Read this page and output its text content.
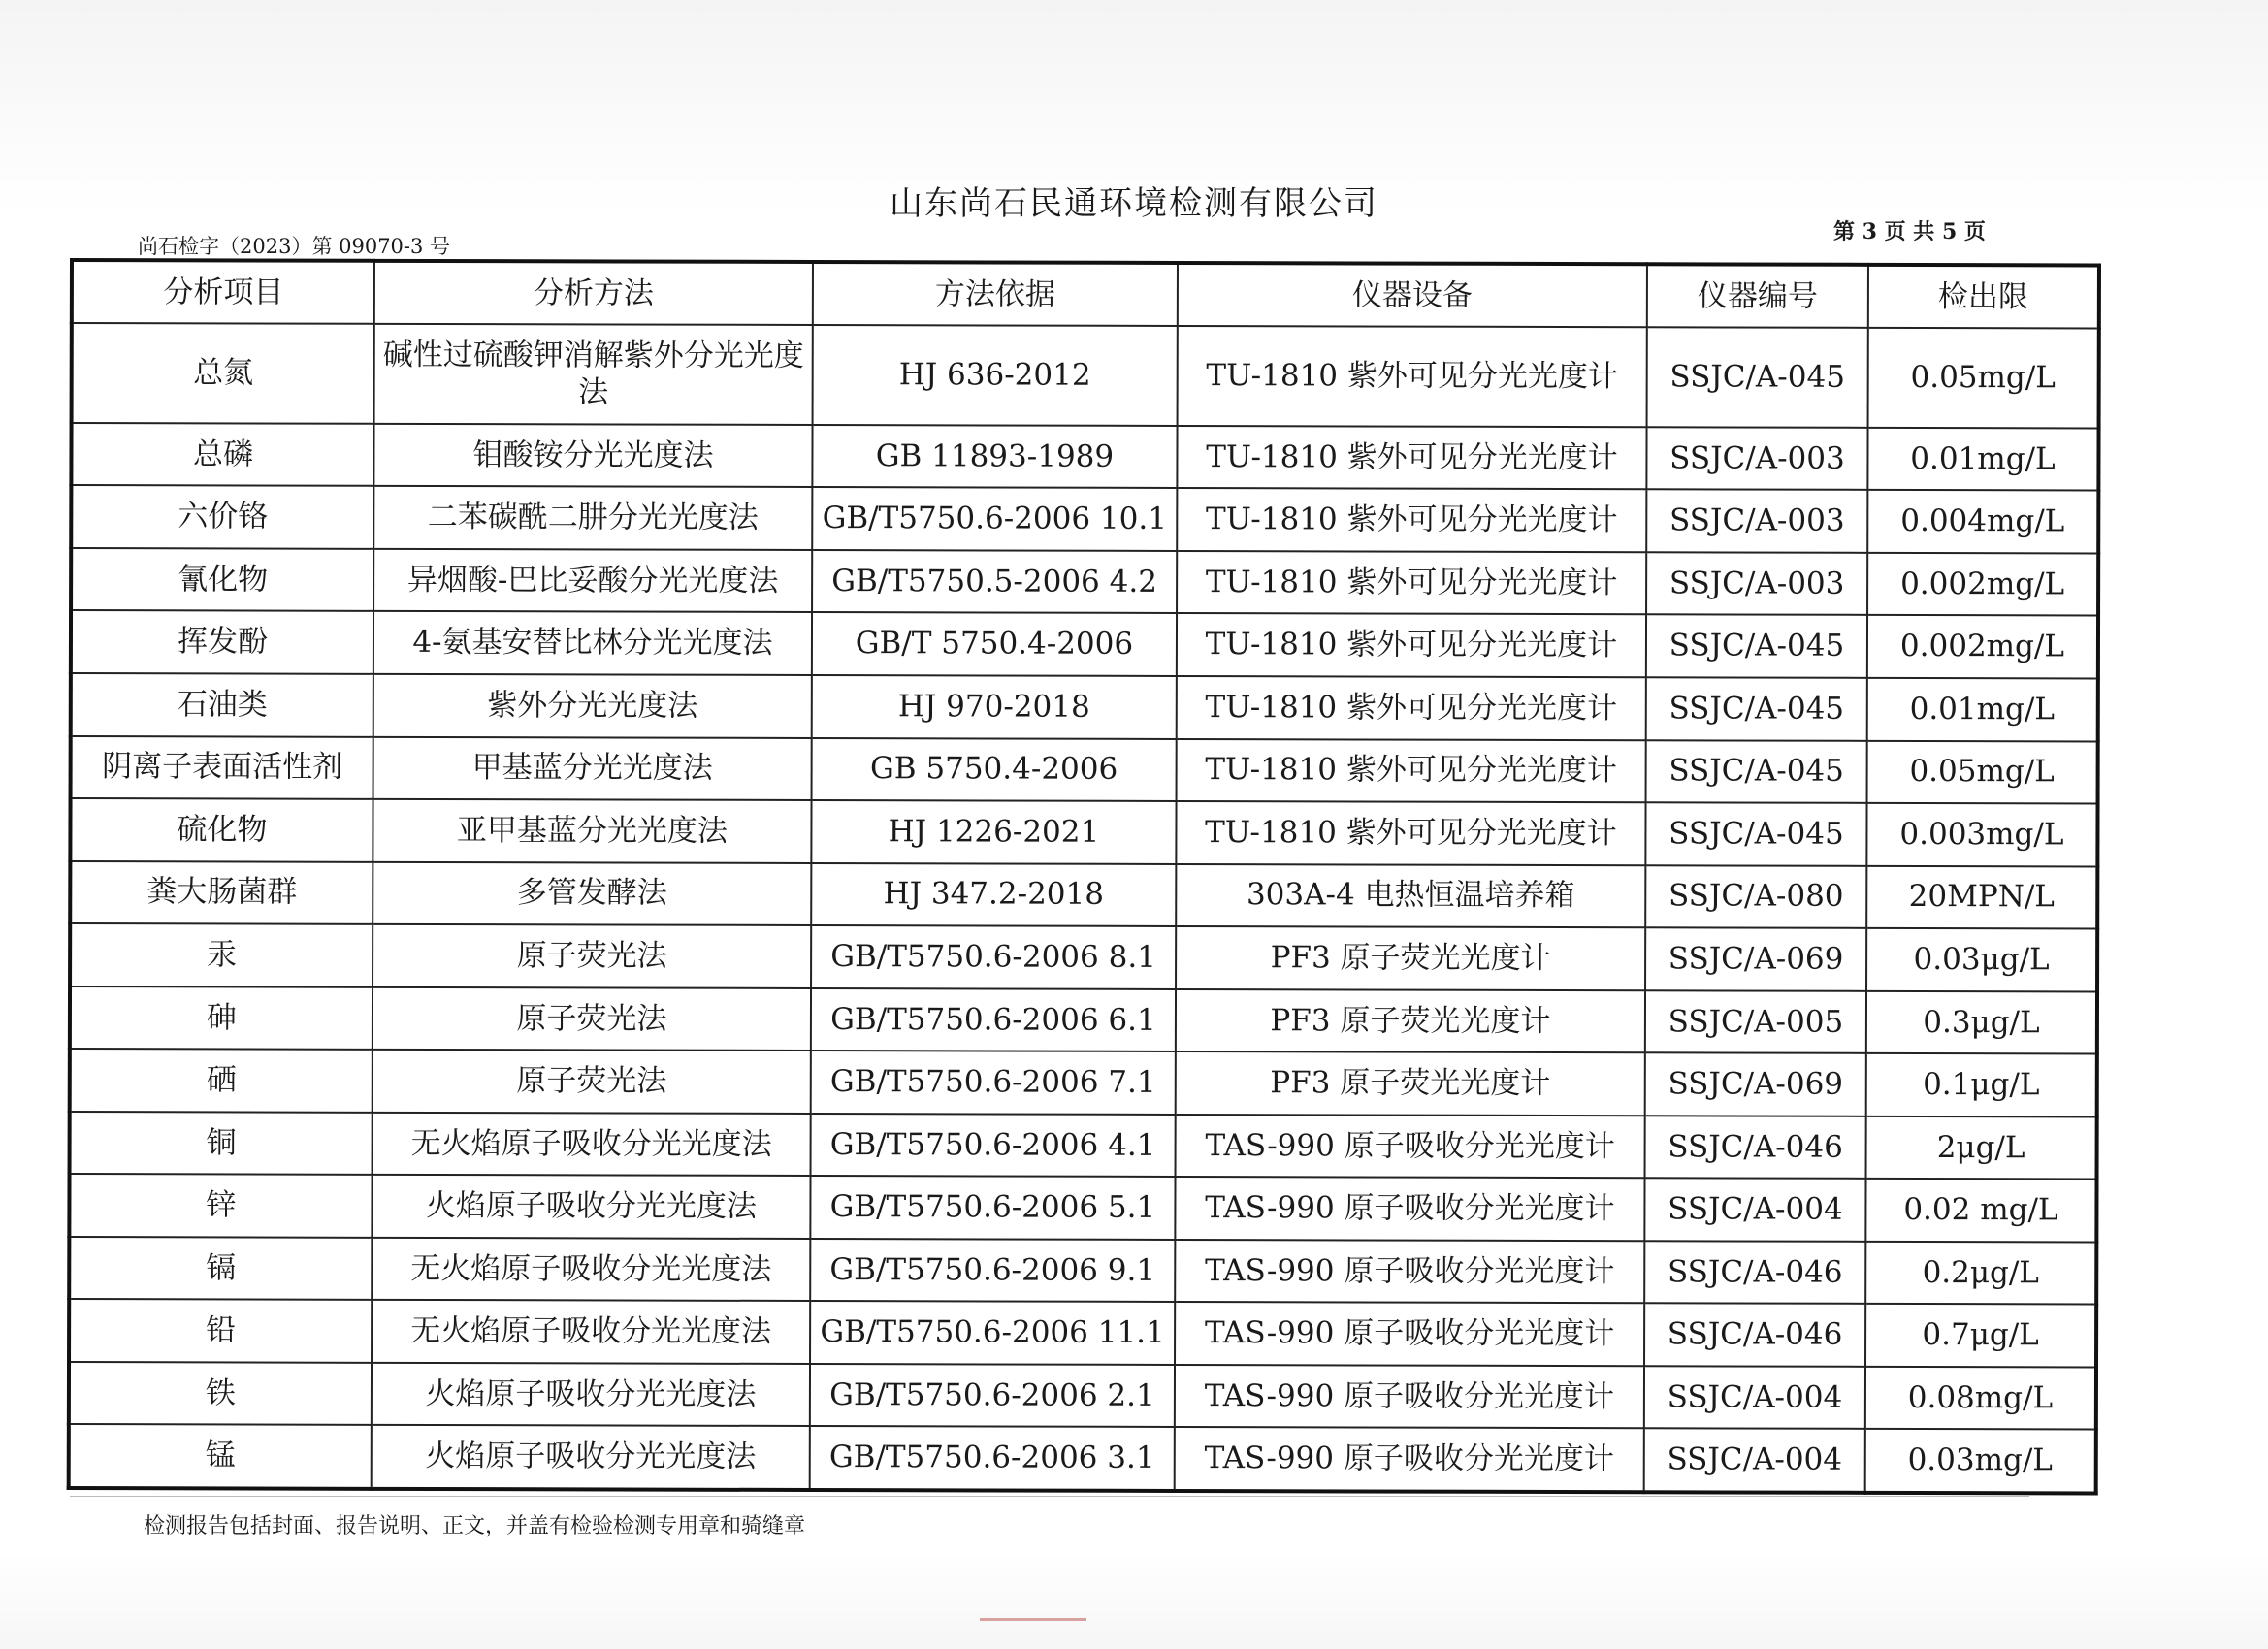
山东尚石民通环境检测有限公司
尚石检字（2023）第 09070-3 号
第 3 页 共 5 页
分析项目	分析方法	方法依据	仪器设备	仪器编号	检出限
总氮	碱性过硫酸钾消解紫外分光光度法	HJ 636-2012	TU-1810 紫外可见分光光度计	SSJC/A-045	0.05mg/L
总磷	钼酸铵分光光度法	GB 11893-1989	TU-1810 紫外可见分光光度计	SSJC/A-003	0.01mg/L
六价铬	二苯碳酰二肼分光光度法	GB/T5750.6-2006 10.1	TU-1810 紫外可见分光光度计	SSJC/A-003	0.004mg/L
氰化物	异烟酸-巴比妥酸分光光度法	GB/T5750.5-2006 4.2	TU-1810 紫外可见分光光度计	SSJC/A-003	0.002mg/L
挥发酚	4-氨基安替比林分光光度法	GB/T 5750.4-2006	TU-1810 紫外可见分光光度计	SSJC/A-045	0.002mg/L
石油类	紫外分光光度法	HJ 970-2018	TU-1810 紫外可见分光光度计	SSJC/A-045	0.01mg/L
阴离子表面活性剂	甲基蓝分光光度法	GB 5750.4-2006	TU-1810 紫外可见分光光度计	SSJC/A-045	0.05mg/L
硫化物	亚甲基蓝分光光度法	HJ 1226-2021	TU-1810 紫外可见分光光度计	SSJC/A-045	0.003mg/L
粪大肠菌群	多管发酵法	HJ 347.2-2018	303A-4 电热恒温培养箱	SSJC/A-080	20MPN/L
汞	原子荧光法	GB/T5750.6-2006 8.1	PF3 原子荧光光度计	SSJC/A-069	0.03μg/L
砷	原子荧光法	GB/T5750.6-2006 6.1	PF3 原子荧光光度计	SSJC/A-005	0.3μg/L
硒	原子荧光法	GB/T5750.6-2006 7.1	PF3 原子荧光光度计	SSJC/A-069	0.1μg/L
铜	无火焰原子吸收分光光度法	GB/T5750.6-2006 4.1	TAS-990 原子吸收分光光度计	SSJC/A-046	2μg/L
锌	火焰原子吸收分光光度法	GB/T5750.6-2006 5.1	TAS-990 原子吸收分光光度计	SSJC/A-004	0.02 mg/L
镉	无火焰原子吸收分光光度法	GB/T5750.6-2006 9.1	TAS-990 原子吸收分光光度计	SSJC/A-046	0.2μg/L
铅	无火焰原子吸收分光光度法	GB/T5750.6-2006 11.1	TAS-990 原子吸收分光光度计	SSJC/A-046	0.7μg/L
铁	火焰原子吸收分光光度法	GB/T5750.6-2006 2.1	TAS-990 原子吸收分光光度计	SSJC/A-004	0.08mg/L
锰	火焰原子吸收分光光度法	GB/T5750.6-2006 3.1	TAS-990 原子吸收分光光度计	SSJC/A-004	0.03mg/L
检测报告包括封面、报告说明、正文，并盖有检验检测专用章和骑缝章
